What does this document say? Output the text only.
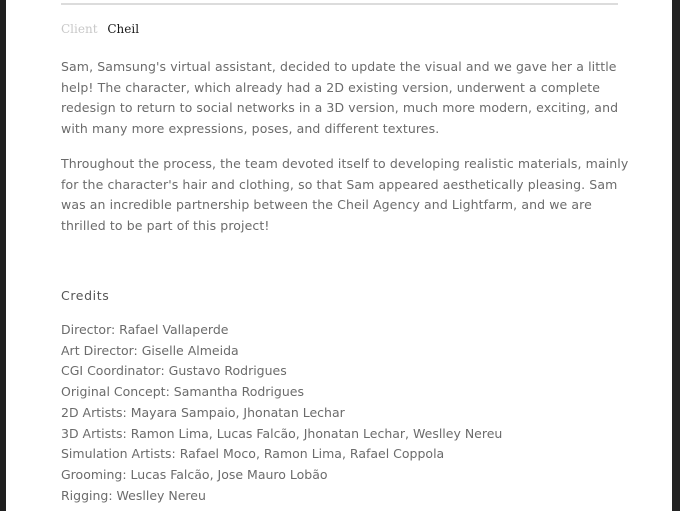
Client Cheil

Sam, Samsung's virtual assistant, decided to update the visual and we gave her a little help! The character, which already had a 2D existing version, underwent a complete redesign to return to social networks in a 3D version, much more modern, exciting, and with many more expressions, poses, and different textures.

Throughout the process, the team devoted itself to developing realistic materials, mainly for the character's hair and clothing, so that Sam appeared aesthetically pleasing. Sam was an incredible partnership between the Cheil Agency and Lightfarm, and we are thrilled to be part of this project!

Credits
Director: Rafael Vallaperde
Art Director: Giselle Almeida
CGI Coordinator: Gustavo Rodrigues
Original Concept: Samantha Rodrigues
2D Artists: Mayara Sampaio, Jhonatan Lechar
3D Artists: Ramon Lima, Lucas Falcão, Jhonatan Lechar, Weslley Nereu
Simulation Artists: Rafael Moco, Ramon Lima, Rafael Coppola
Grooming: Lucas Falcão, Jose Mauro Lobão
Rigging: Weslley Nereu
